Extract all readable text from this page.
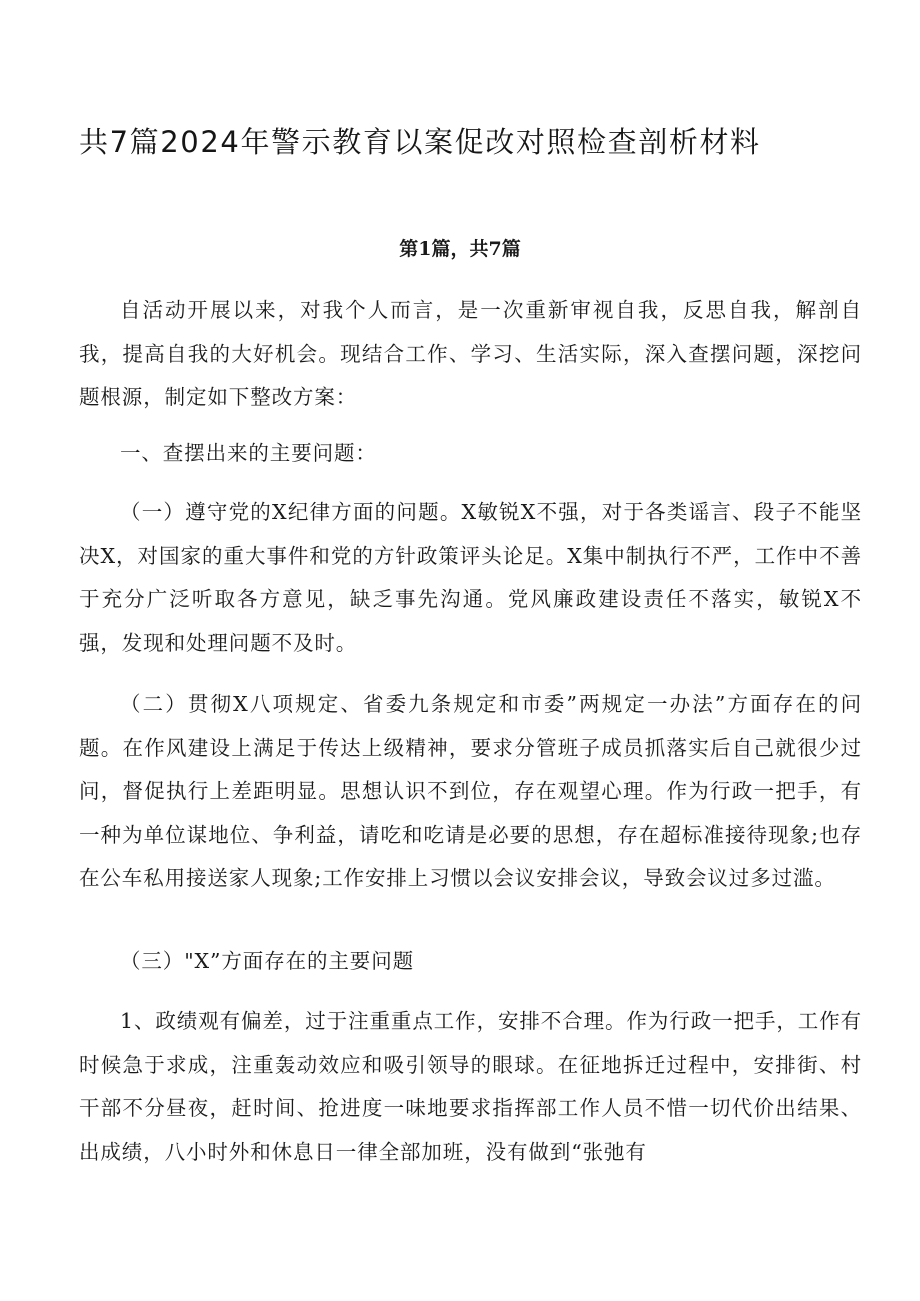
共7篇2024年警示教育以案促改对照检查剖析材料
第1篇，共7篇

自活动开展以来，对我个人而言，是一次重新审视自我，反思自我，解剖自我，提高自我的大好机会。现结合工作、学习、生活实际，深入查摆问题，深挖问题根源，制定如下整改方案：

一、查摆出来的主要问题：

（一）遵守党的X纪律方面的问题。X敏锐X不强，对于各类谣言、段子不能坚决X，对国家的重大事件和党的方针政策评头论足。X集中制执行不严，工作中不善于充分广泛听取各方意见，缺乏事先沟通。党风廉政建设责任不落实，敏锐X不强，发现和处理问题不及时。

（二）贯彻X八项规定、省委九条规定和市委”两规定一办法”方面存在的问题。在作风建设上满足于传达上级精神，要求分管班子成员抓落实后自己就很少过问，督促执行上差距明显。思想认识不到位，存在观望心理。作为行政一把手，有一种为单位谋地位、争利益，请吃和吃请是必要的思想，存在超标准接待现象;也存在公车私用接送家人现象;工作安排上习惯以会议安排会议，导致会议过多过滥。

（三）"X”方面存在的主要问题

1、政绩观有偏差，过于注重重点工作，安排不合理。作为行政一把手，工作有时候急于求成，注重轰动效应和吸引领导的眼球。在征地拆迁过程中，安排街、村干部不分昼夜，赶时间、抢进度一味地要求指挥部工作人员不惜一切代价出结果、出成绩，八小时外和休息日一律全部加班，没有做到“张弛有
